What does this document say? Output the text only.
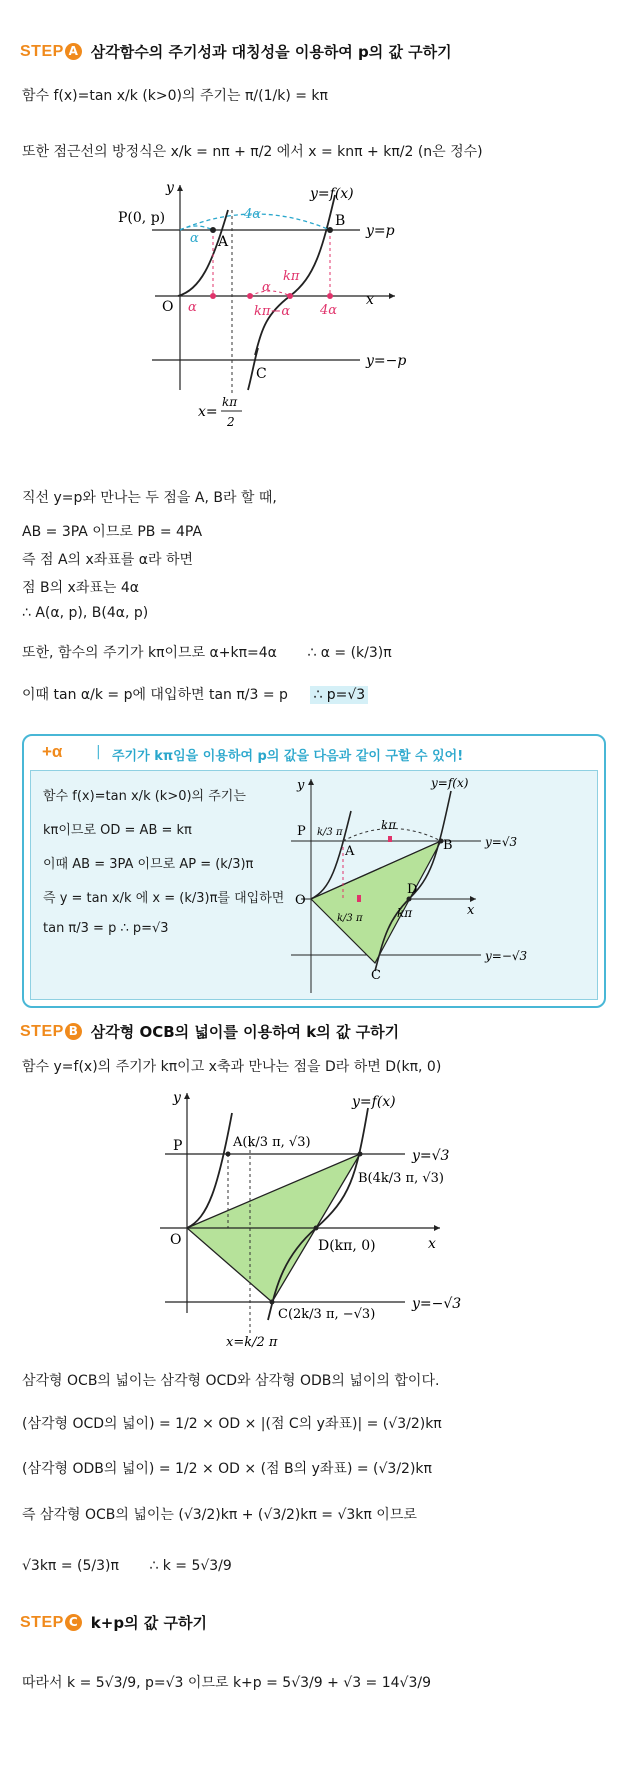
STEP A 삼각함수의 주기성과 대칭성을 이용하여 p의 값 구하기
함수 f(x)=tan x/k (k>0)의 주기는 π/(1/k) = kπ
또한 점근선의 방정식은 x/k = nπ + π/2 에서 x = knπ + kπ/2 (n은 정수)
y
x
O
P(0, p)
A
B
C
y=f(x)
y=p
y=−p
4α
α
α
α
kπ
kπ−α 4α
x=
kπ
2
직선 y=p와 만나는 두 점을 A, B라 할 때,
AB = 3PA 이므로 PB = 4PA
즉 점 A의 x좌표를 α라 하면
점 B의 x좌표는 4α
∴ A(α, p), B(4α, p)
또한, 함수의 주기가 kπ이므로 α+kπ=4α ∴ α = (k/3)π
이때 tan α/k = p에 대입하면 tan π/3 = p ∴ p=√3
+α | 주기가 kπ임을 이용하여 p의 값을 다음과 같이 구할 수 있어!
함수 f(x)=tan x/k (k>0)의 주기는
kπ이므로 OD = AB = kπ
이때 AB = 3PA 이므로 AP = (k/3)π
즉 y = tan x/k 에 x = (k/3)π를 대입하면
tan π/3 = p ∴ p=√3
y
x
O
P
A	B
C
D
y=f(x)
y=√3
y=−√3
kπ
k/3 π
k/3 π	kπ
STEP B 삼각형 OCB의 넓이를 이용하여 k의 값 구하기
함수 y=f(x)의 주기가 kπ이고 x축과 만나는 점을 D라 하면 D(kπ, 0)
y
x
O
P	A(k/3 π, √3)
B(4k/3 π, √3)
D(kπ, 0)
C(2k/3 π, −√3)
y=f(x)
y=√3
y=−√3
x=k/2 π
삼각형 OCB의 넓이는 삼각형 OCD와 삼각형 ODB의 넓이의 합이다.
(삼각형 OCD의 넓이) = 1/2 × OD × |(점 C의 y좌표)| = (√3/2)kπ
(삼각형 ODB의 넓이) = 1/2 × OD × (점 B의 y좌표) = (√3/2)kπ
즉 삼각형 OCB의 넓이는 (√3/2)kπ + (√3/2)kπ = √3kπ 이므로
√3kπ = (5/3)π ∴ k = 5√3/9
STEP C k+p의 값 구하기
따라서 k = 5√3/9, p=√3 이므로 k+p = 5√3/9 + √3 = 14√3/9
